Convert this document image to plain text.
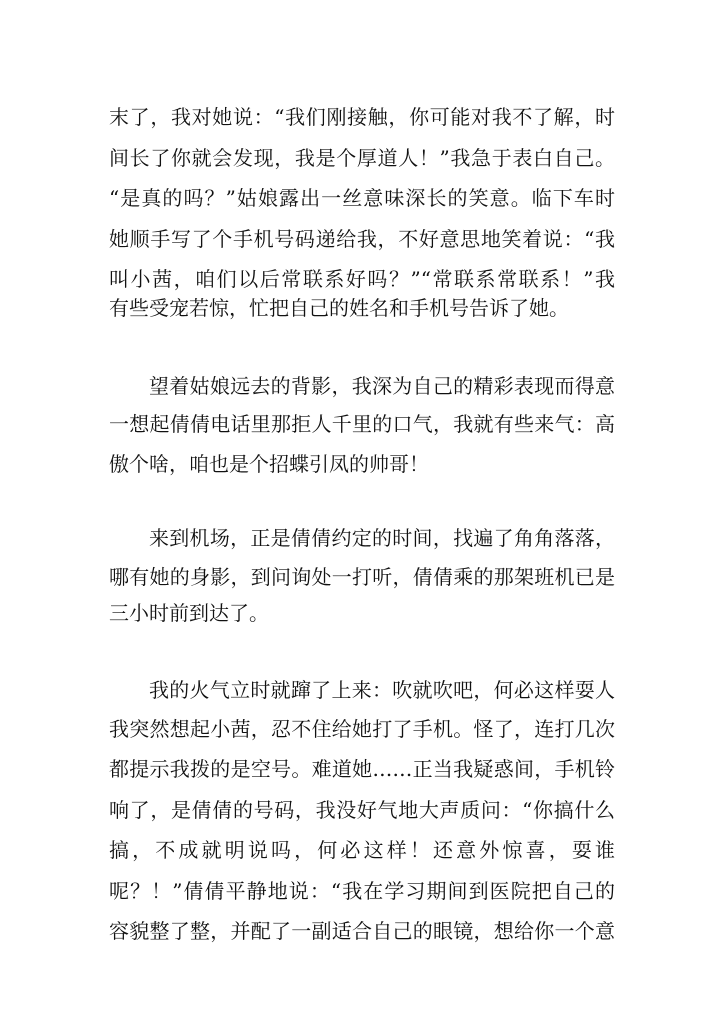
末了，我对她说：“我们刚接触，你可能对我不了解，时
间长了你就会发现，我是个厚道人！”我急于表白自己。
“是真的吗？”姑娘露出一丝意味深长的笑意。临下车时
她顺手写了个手机号码递给我，不好意思地笑着说：“我
叫小茜，咱们以后常联系好吗？”“常联系常联系！”我
有些受宠若惊，忙把自己的姓名和手机号告诉了她。
望着姑娘远去的背影，我深为自己的精彩表现而得意
一想起倩倩电话里那拒人千里的口气，我就有些来气：高
傲个啥，咱也是个招蝶引凤的帅哥！
来到机场，正是倩倩约定的时间，找遍了角角落落，
哪有她的身影，到问询处一打听，倩倩乘的那架班机已是
三小时前到达了。
我的火气立时就蹿了上来：吹就吹吧，何必这样耍人
我突然想起小茜，忍不住给她打了手机。怪了，连打几次
都提示我拨的是空号。难道她……正当我疑惑间，手机铃
响了，是倩倩的号码，我没好气地大声质问：“你搞什么
搞，不成就明说吗，何必这样！还意外惊喜，耍谁
呢？！”倩倩平静地说：“我在学习期间到医院把自己的
容貌整了整，并配了一副适合自己的眼镜，想给你一个意
